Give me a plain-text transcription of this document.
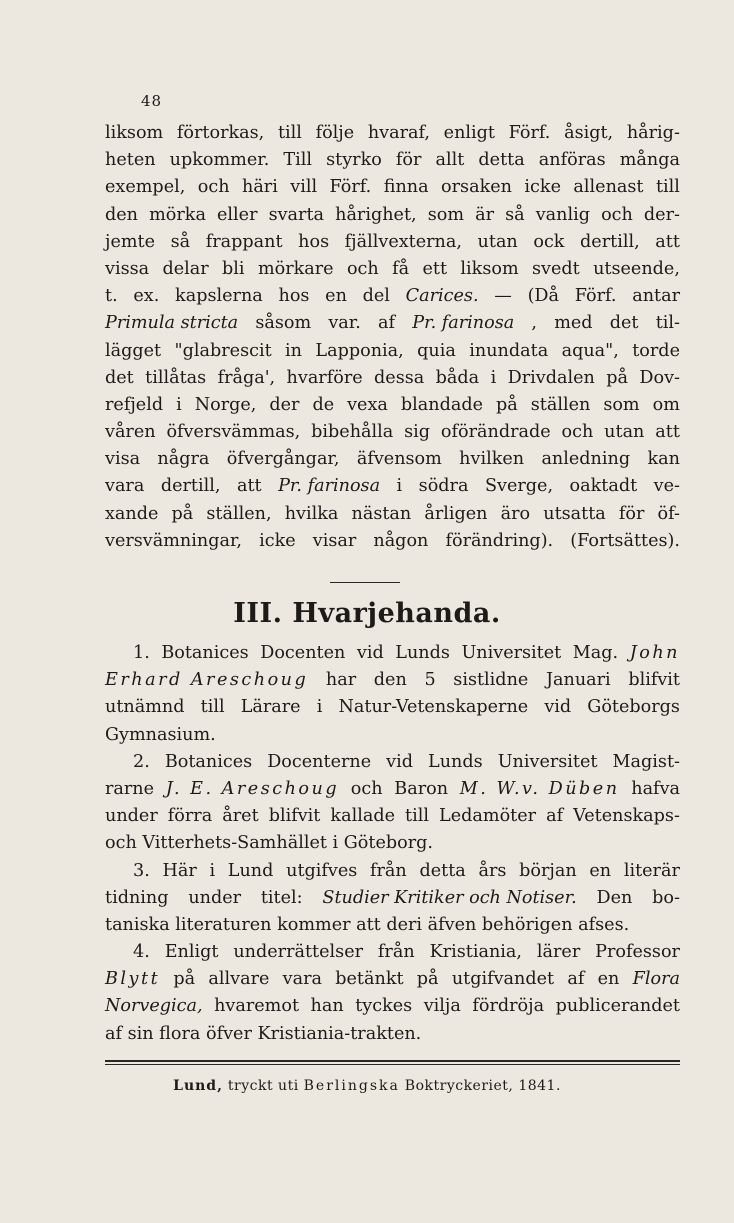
48
liksom förtorkas, till följe hvaraf, enligt Förf. åsigt, hårig-
heten upkommer. Till styrko för allt detta anföras många
exempel, och häri vill Förf. finna orsaken icke allenast till
den mörka eller svarta hårighet, som är så vanlig och der-
jemte så frappant hos fjällvexterna, utan ock dertill, att
vissa delar bli mörkare och få ett liksom svedt utseende,
t. ex. kapslerna hos en del Carices. — (Då Förf. antar
Primula stricta såsom var. af Pr. farinosa , med det til-
lägget "glabrescit in Lapponia, quia inundata aqua", torde
det tillåtas fråga', hvarföre dessa båda i Drivdalen på Dov-
refjeld i Norge, der de vexa blandade på ställen som om
våren öfversvämmas, bibehålla sig oförändrade och utan att
visa några öfvergångar, äfvensom hvilken anledning kan
vara dertill, att Pr. farinosa i södra Sverge, oaktadt ve-
xande på ställen, hvilka nästan årligen äro utsatta för öf-
versvämningar, icke visar någon förändring). (Fortsättes).
III. Hvarjehanda.
1. Botanices Docenten vid Lunds Universitet Mag. John
Erhard Areschoug har den 5 sistlidne Januari blifvit
utnämnd till Lärare i Natur-Vetenskaperne vid Göteborgs
Gymnasium.
2. Botanices Docenterne vid Lunds Universitet Magist-
rarne J. E. Areschoug och Baron M. W.v. Düben hafva
under förra året blifvit kallade till Ledamöter af Vetenskaps-
och Vitterhets-Samhället i Göteborg.
3. Här i Lund utgifves från detta års början en literär
tidning under titel: Studier Kritiker och Notiser. Den bo-
taniska literaturen kommer att deri äfven behörigen afses.
4. Enligt underrättelser från Kristiania, lärer Professor
Blytt på allvare vara betänkt på utgifvandet af en Flora
Norvegica, hvaremot han tyckes vilja fördröja publicerandet
af sin flora öfver Kristiania-trakten.
Lund, tryckt uti Berlingska Boktryckeriet, 1841.
